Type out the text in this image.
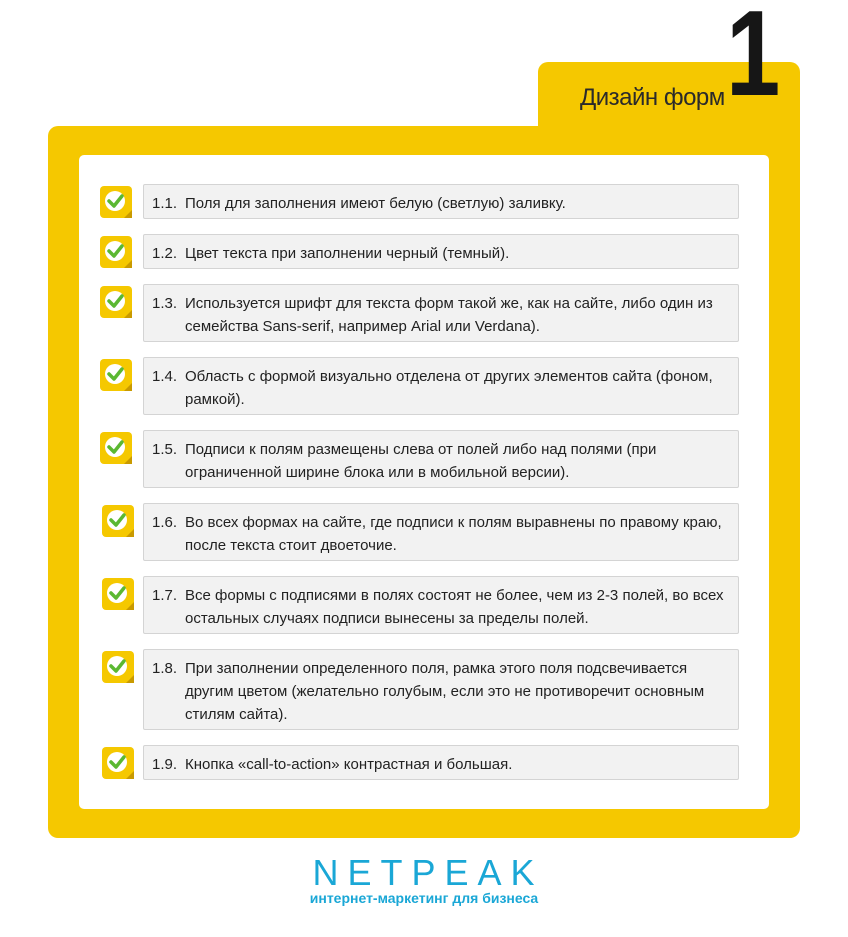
Дизайн форм 1
1.1. Поля для заполнения имеют белую (светлую) заливку.
1.2. Цвет текста при заполнении черный (темный).
1.3. Используется шрифт для текста форм такой же, как на сайте, либо один из семейства Sans-serif, например Arial или Verdana).
1.4. Область с формой визуально отделена от других элементов сайта (фоном, рамкой).
1.5. Подписи к полям размещены слева от полей либо над полями (при ограниченной ширине блока или в мобильной версии).
1.6. Во всех формах на сайте, где подписи к полям выравнены по правому краю, после текста стоит двоеточие.
1.7. Все формы с подписями в полях состоят не более, чем из 2-3 полей, во всех остальных случаях подписи вынесены за пределы полей.
1.8. При заполнении определенного поля, рамка этого поля подсвечивается другим цветом (желательно голубым, если это не противоречит основным стилям сайта).
1.9. Кнопка «call-to-action» контрастная и большая.
NETPEAK
интернет-маркетинг для бизнеса
